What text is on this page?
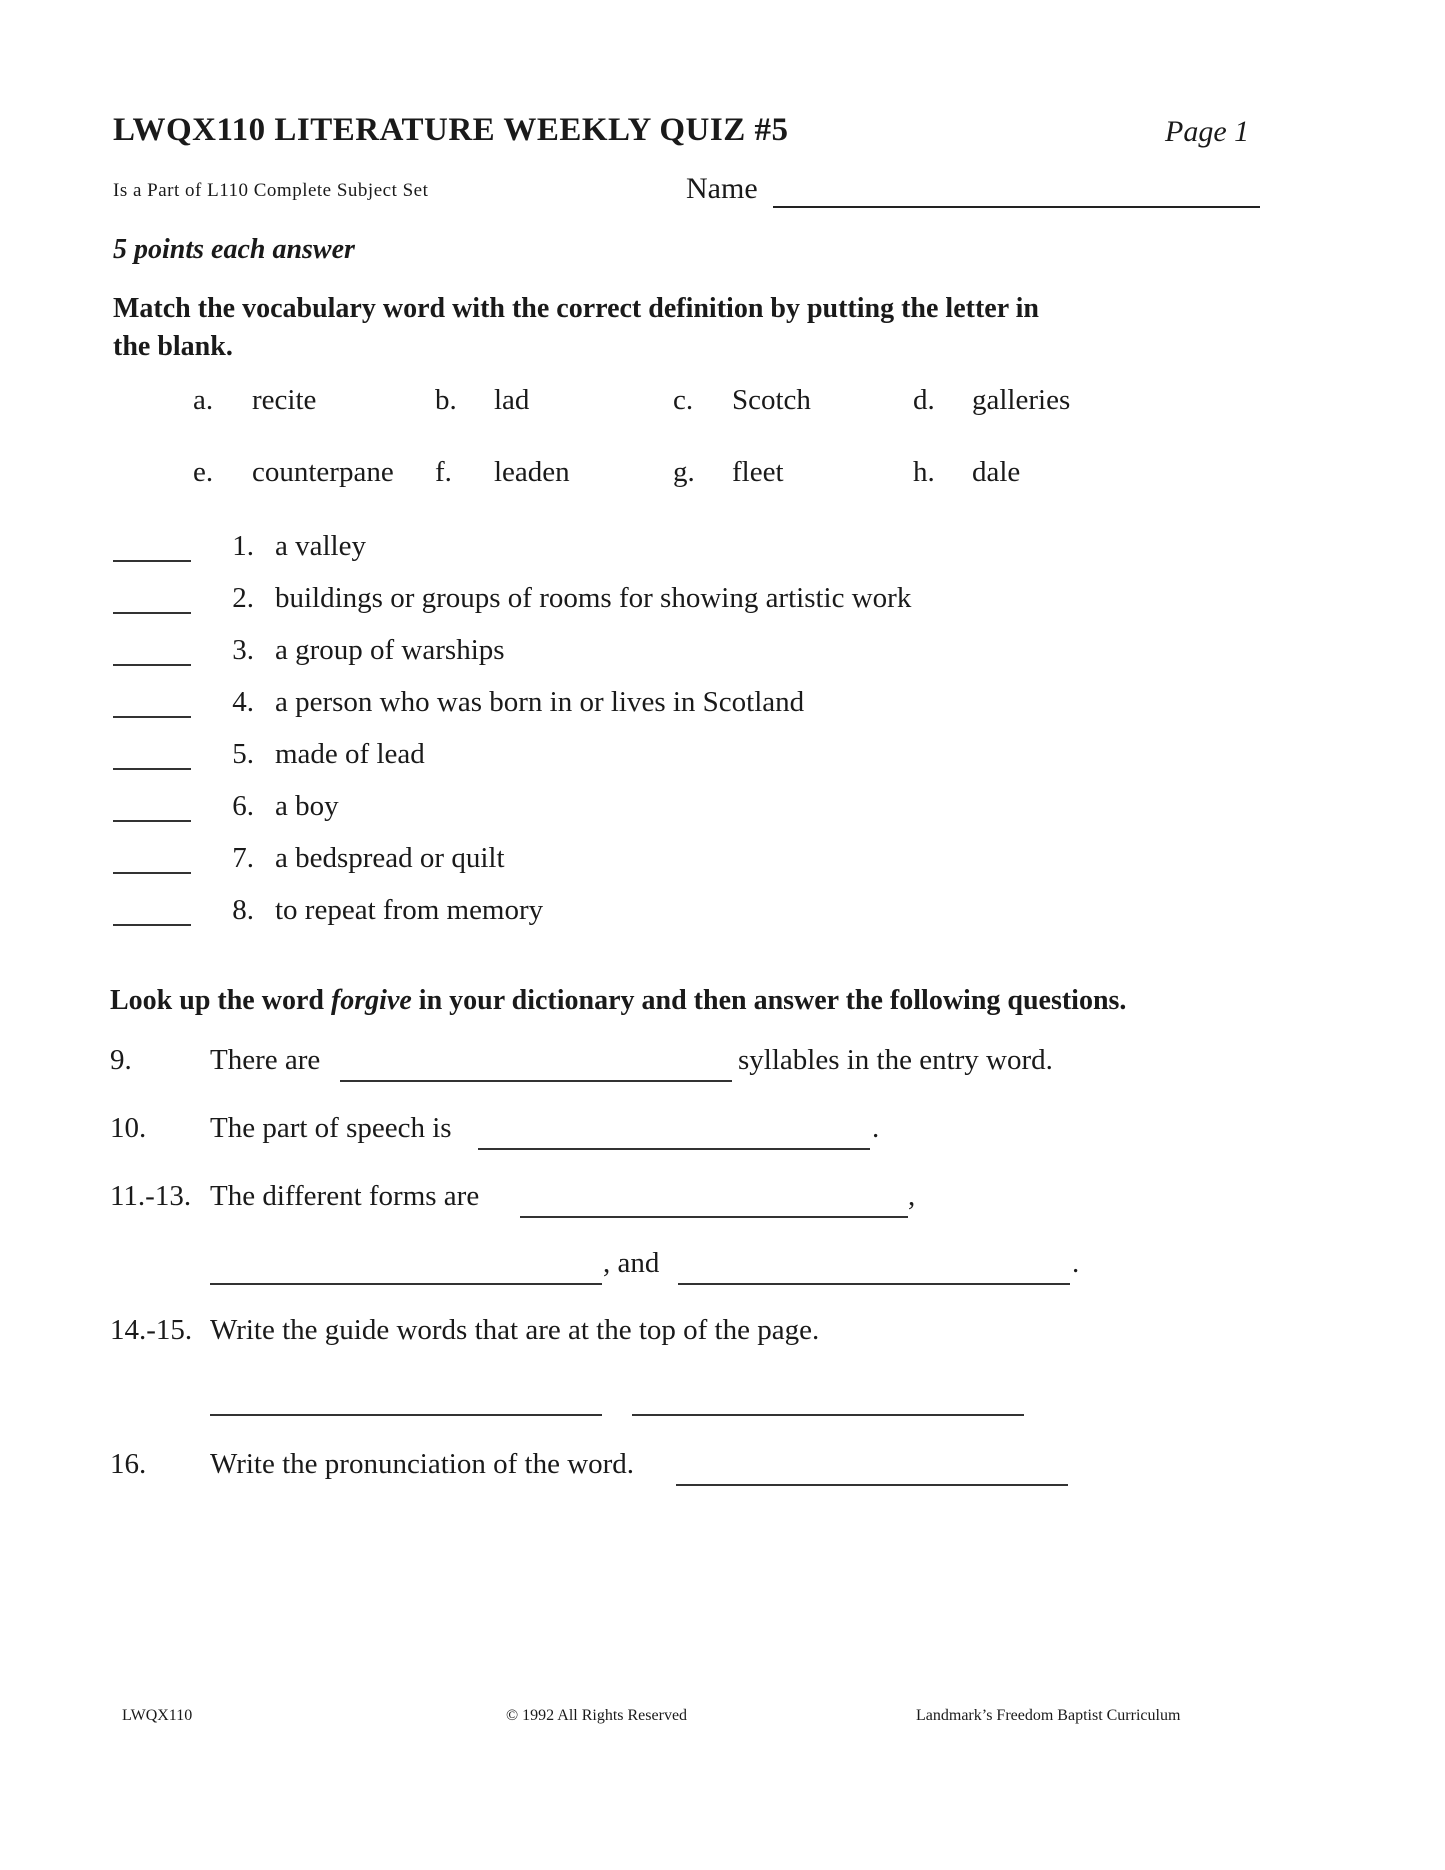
LWQX110 LITERATURE WEEKLY QUIZ #5	Page 1
Is a Part of L110 Complete Subject Set	Name
5 points each answer
Match the vocabulary word with the correct definition by putting the letter in the blank.
a. recite	b. lad	c. Scotch	d. galleries
e. counterpane f. leaden	g. fleet	h. dale
1. a valley
2. buildings or groups of rooms for showing artistic work
3. a group of warships
4. a person who was born in or lives in Scotland
5. made of lead
6. a boy
7. a bedspread or quilt
8. to repeat from memory
Look up the word forgive in your dictionary and then answer the following questions.
9.	There are	syllables in the entry word.
10. The part of speech is	.
11.-13. The different forms are	,
, and	.
14.-15. Write the guide words that are at the top of the page.
16. Write the pronunciation of the word.
LWQX110	© 1992 All Rights Reserved	Landmark’s Freedom Baptist Curriculum
